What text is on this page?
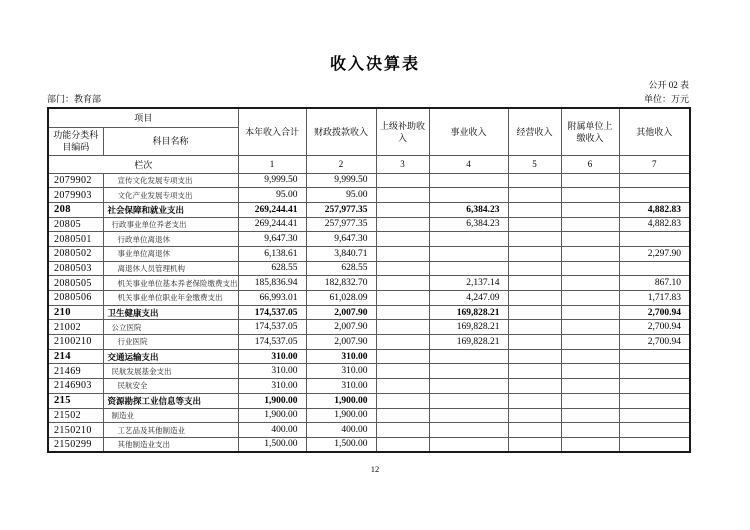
收入决算表
公开 02 表
部门：教育部	单位：万元
项目		本年收入合计	财政拨款收入	上级补助收入	事业收入	经营收入	附属单位上缴收入	其他收入
功能分类科目编码	科目名称							
栏次		1	2	3	4	5	6	7
2079902	宣传文化发展专项支出	9,999.50	9,999.50					
2079903	文化产业发展专项支出	95.00	95.00					
208	社会保障和就业支出	269,244.41	257,977.35		6,384.23			4,882.83
20805	行政事业单位养老支出	269,244.41	257,977.35		6,384.23			4,882.83
2080501	行政单位离退休	9,647.30	9,647.30					
2080502	事业单位离退休	6,138.61	3,840.71					2,297.90
2080503	离退休人员管理机构	628.55	628.55					
2080505	机关事业单位基本养老保险缴费支出	185,836.94	182,832.70		2,137.14			867.10
2080506	机关事业单位职业年金缴费支出	66,993.01	61,028.09		4,247.09			1,717.83
210	卫生健康支出	174,537.05	2,007.90		169,828.21			2,700.94
21002	公立医院	174,537.05	2,007.90		169,828.21			2,700.94
2100210	行业医院	174,537.05	2,007.90		169,828.21			2,700.94
214	交通运输支出	310.00	310.00					
21469	民航发展基金支出	310.00	310.00					
2146903	民航安全	310.00	310.00					
215	资源勘探工业信息等支出	1,900.00	1,900.00					
21502	制造业	1,900.00	1,900.00					
2150210	工艺品及其他制造业	400.00	400.00					
2150299	其他制造业支出	1,500.00	1,500.00					
12
